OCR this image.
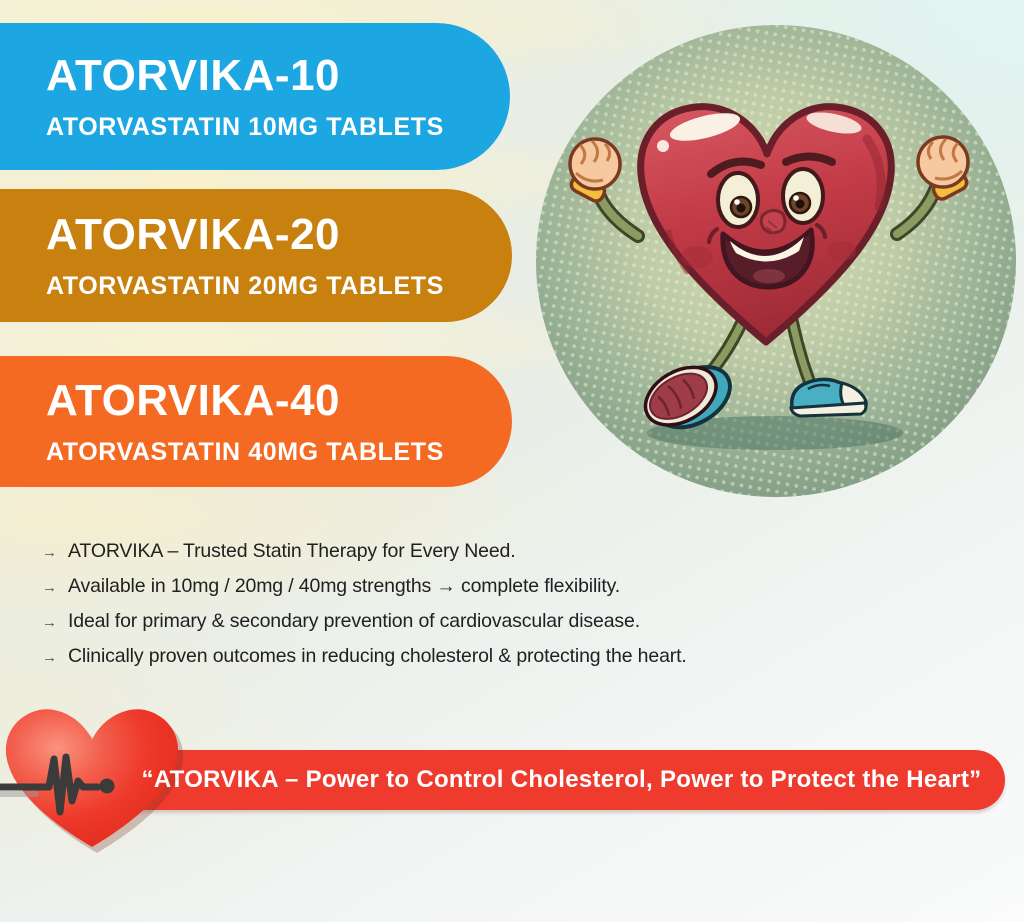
ATORVIKA-10

ATORVASTATIN 10MG TABLETS

ATORVIKA-20

ATORVASTATIN 20MG TABLETS

ATORVIKA-40

ATORVASTATIN 40MG TABLETS

→ ATORVIKA – Trusted Statin Therapy for Every Need.
→ Available in 10mg / 20mg / 40mg strengths → complete flexibility.
→ Ideal for primary & secondary prevention of cardiovascular disease.
→ Clinically proven outcomes in reducing cholesterol & protecting the heart.
“ATORVIKA – Power to Control Cholesterol, Power to Protect the Heart”
